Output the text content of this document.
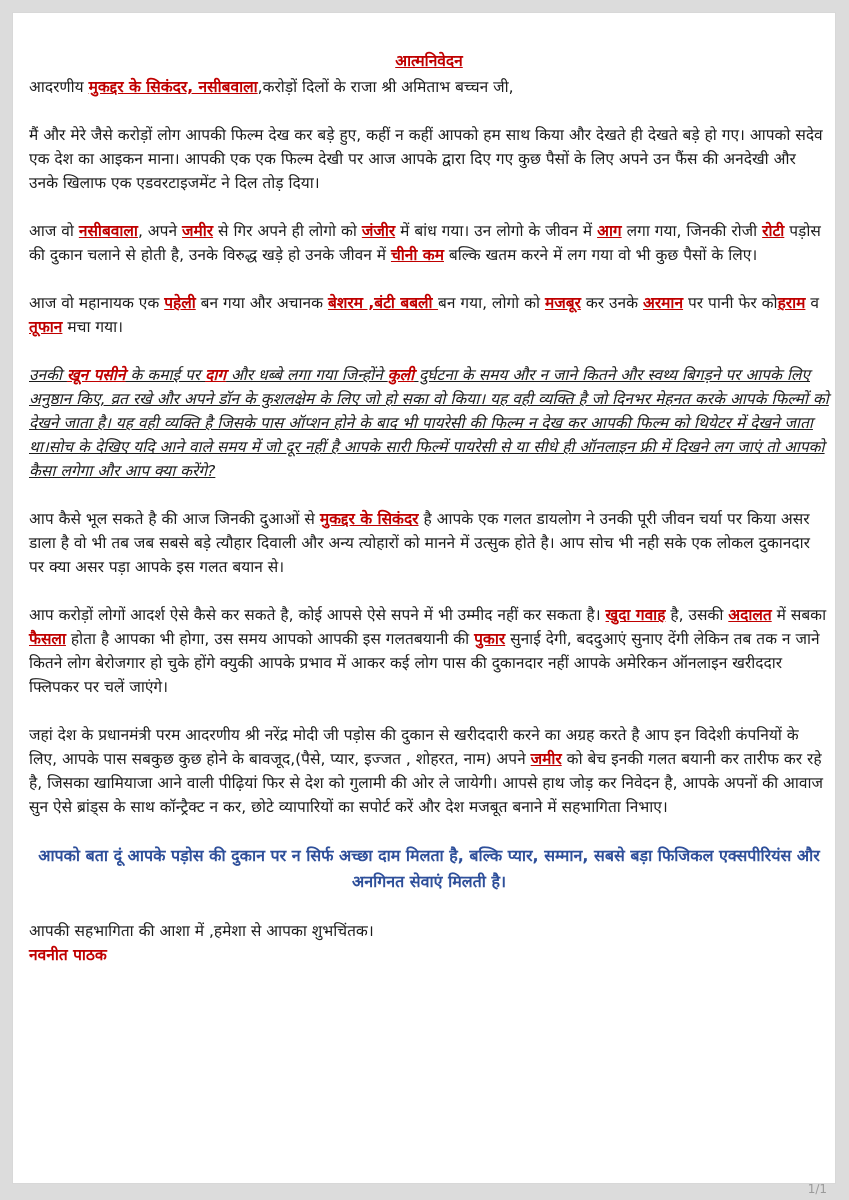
आत्मनिवेदन

आदरणीय मुकद्दर के सिकंदर, नसीबवाला,करोड़ों दिलों के राजा श्री अमिताभ बच्चन जी,

मैं और मेरे जैसे करोड़ों लोग आपकी फिल्म देख कर बड़े हुए, कहीं न कहीं आपको हम साथ किया और देखते ही देखते बड़े हो गए। आपको सदेव एक देश का आइकन माना। आपकी एक एक फिल्म देखी पर आज आपके द्वारा दिए गए कुछ पैसों के लिए अपने उन फैंस की अनदेखी और उनके खिलाफ एक एडवरटाइजमेंट ने दिल तोड़ दिया।

आज वो नसीबवाला, अपने जमीर से गिर अपने ही लोगो को जंजीर में बांध गया। उन लोगो के जीवन में आग लगा गया, जिनकी रोजी रोटी पड़ोस की दुकान चलाने से होती है, उनके विरुद्ध खड़े हो उनके जीवन में चीनी कम बल्कि खतम करने में लग गया वो भी कुछ पैसों के लिए।

आज वो महानायक एक पहेली बन गया और अचानक बेशरम ,बंटी बबली बन गया, लोगो को मजबूर कर उनके अरमान पर पानी फेर कोहराम व तूफान मचा गया।

उनकी खून पसीने के कमाई पर दाग और धब्बे लगा गया जिन्होंने कुली दुर्घटना के समय और न जाने कितने और स्वथ्य बिगड़ने पर आपके लिए अनुष्ठान किए, व्रत रखे और अपने डॉन के कुशलक्षेम के लिए जो हो सका वो किया। यह वही व्यक्ति है जो दिनभर मेहनत करके आपके फिल्मों को देखने जाता है। यह वही व्यक्ति है जिसके पास ऑप्शन होने के बाद भी पायरेसी की फिल्म न देख कर आपकी फिल्म को थियेटर में देखने जाता था।सोच के देखिए यदि आने वाले समय में जो दूर नहीं है आपके सारी फिल्में पायरेसी से या सीधे ही ऑनलाइन फ्री में दिखने लग जाएं तो आपको कैसा लगेगा और आप क्या करेंगे?

आप कैसे भूल सकते है की आज जिनकी दुआओं से मुकद्दर के सिकंदर है आपके एक गलत डायलोग ने उनकी पूरी जीवन चर्या पर किया असर डाला है वो भी तब जब सबसे बड़े त्यौहार दिवाली और अन्य त्योहारों को मानने में उत्सुक होते है। आप सोच भी नही सके एक लोकल दुकानदार पर क्या असर पड़ा आपके इस गलत बयान से।

आप करोड़ों लोगों आदर्श ऐसे कैसे कर सकते है, कोई आपसे ऐसे सपने में भी उम्मीद नहीं कर सकता है। खुदा गवाह है, उसकी अदालत में सबका फैसला होता है आपका भी होगा, उस समय आपको आपकी इस गलतबयानी की पुकार सुनाई देगी, बददुआएं सुनाए देंगी लेकिन तब तक न जाने कितने लोग बेरोजगार हो चुके होंगे क्युकी आपके प्रभाव में आकर कई लोग पास की दुकानदार नहीं आपके अमेरिकन ऑनलाइन खरीददार फ्लिपकर पर चलें जाएंगे।

जहां देश के प्रधानमंत्री परम आदरणीय श्री नरेंद्र मोदी जी पड़ोस की दुकान से खरीददारी करने का अग्रह करते है आप इन विदेशी कंपनियों के लिए, आपके पास सबकुछ कुछ होने के बावजूद,(पैसे, प्यार, इज्जत , शोहरत, नाम) अपने जमीर को बेच इनकी गलत बयानी कर तारीफ कर रहे है, जिसका खामियाजा आने वाली पीढ़ियां फिर से देश को गुलामी की ओर ले जायेगी। आपसे हाथ जोड़ कर निवेदन है, आपके अपनों की आवाज सुन ऐसे ब्रांड्स के साथ कॉन्ट्रैक्ट न कर, छोटे व्यापारियों का सपोर्ट करें और देश मजबूत बनाने में सहभागिता निभाए।

आपको बता दूं आपके पड़ोस की दुकान पर न सिर्फ अच्छा दाम मिलता है, बल्कि प्यार, सम्मान, सबसे बड़ा फिजिकल एक्सपीरियंस और अनगिनत सेवाएं मिलती है।

आपकी सहभागिता की आशा में ,हमेशा से आपका शुभचिंतक।

नवनीत पाठक

1/1
